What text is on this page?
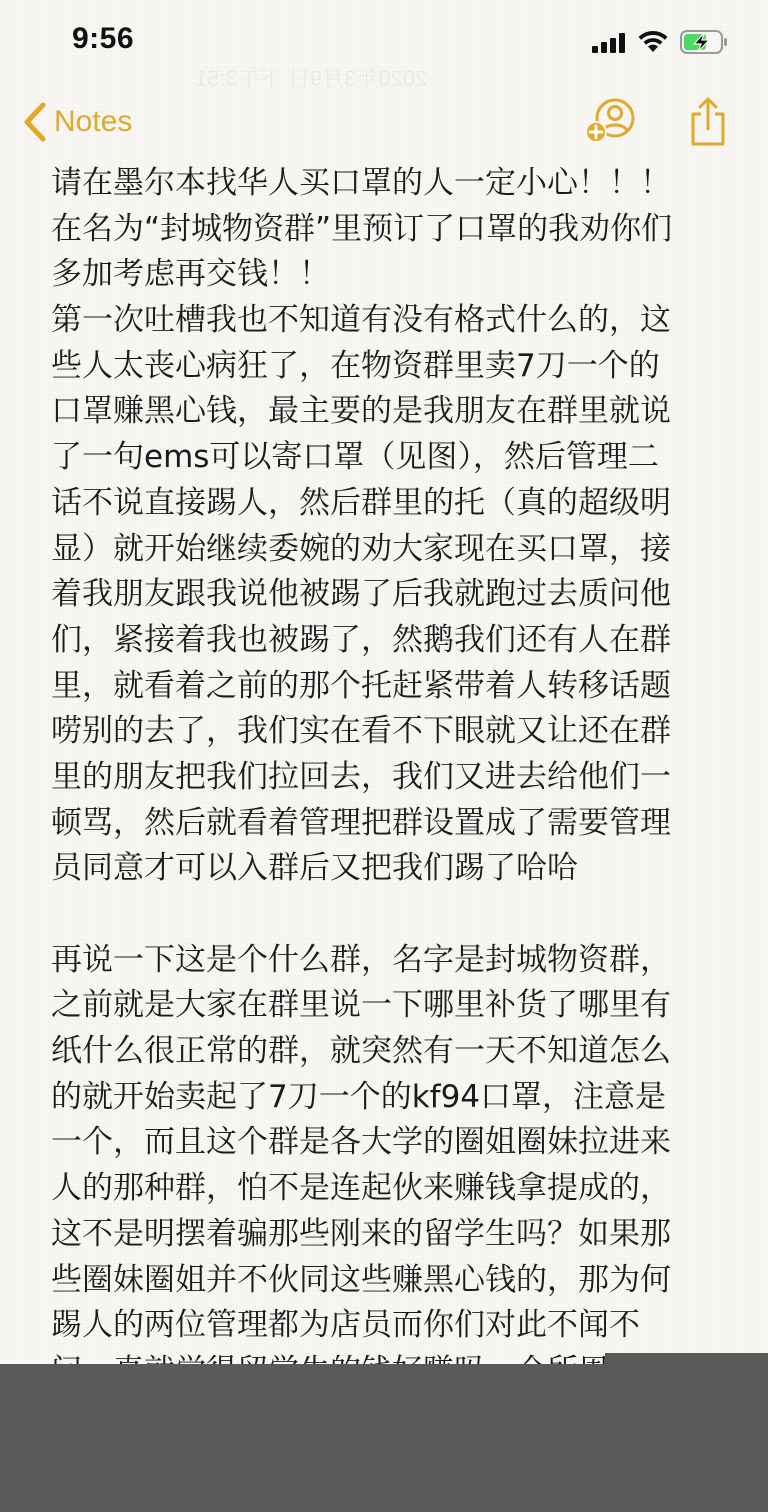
9:56
2020年3月9日 下午3:51
Notes
请在墨尔本找华人买口罩的人一定小心！！！
在名为“封城物资群”里预订了口罩的我劝你们
多加考虑再交钱！！
第一次吐槽我也不知道有没有格式什么的，这
些人太丧心病狂了，在物资群里卖7刀一个的
口罩赚黑心钱，最主要的是我朋友在群里就说
了一句ems可以寄口罩（见图），然后管理二
话不说直接踢人，然后群里的托（真的超级明
显）就开始继续委婉的劝大家现在买口罩，接
着我朋友跟我说他被踢了后我就跑过去质问他
们，紧接着我也被踢了，然鹅我们还有人在群
里，就看着之前的那个托赶紧带着人转移话题
唠别的去了，我们实在看不下眼就又让还在群
里的朋友把我们拉回去，我们又进去给他们一
顿骂，然后就看着管理把群设置成了需要管理
员同意才可以入群后又把我们踢了哈哈
再说一下这是个什么群，名字是封城物资群，
之前就是大家在群里说一下哪里补货了哪里有
纸什么很正常的群，就突然有一天不知道怎么
的就开始卖起了7刀一个的kf94口罩，注意是
一个，而且这个群是各大学的圈姐圈妹拉进来
人的那种群，怕不是连起伙来赚钱拿提成的，
这不是明摆着骗那些刚来的留学生吗？如果那
些圈妹圈姐并不伙同这些赚黑心钱的，那为何
踢人的两位管理都为店员而你们对此不闻不
